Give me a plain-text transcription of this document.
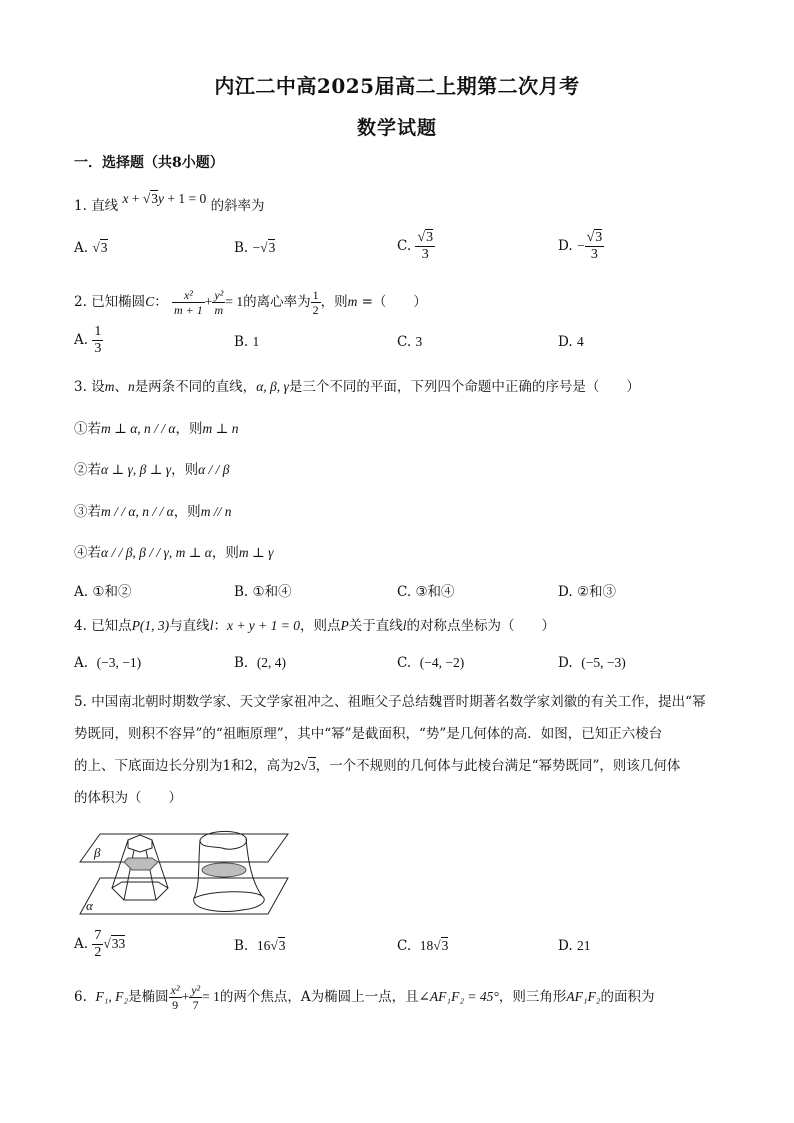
内江二中高2025届高二上期第二次月考
数学试题
一．选择题（共8小题）
1. 直线 x + √3y + 1 = 0 的斜率为
A. √3	B. −√3	C. $\frac{√3}{3}$	D. − $\frac{√3}{3}$
2. 已知椭圆C： $\frac{\text{x²}}{m + 1} + \frac{\text{y²}}{m} = 1$的离心率为 $\frac{1}{2}$ ，则m =（　　）
A. $\frac{1}{3}$	B. 1	C. 3	D. 4
3. 设m、n是两条不同的直线，α, β, γ是三个不同的平面，下列四个命题中正确的序号是（　　）
①若m ⊥ α, n / / α，则m ⊥ n
②若α ⊥ γ, β ⊥ γ，则α / / β
③若m / / α, n / / α，则m // n
④若α / / β, β / / γ, m ⊥ α，则m ⊥ γ
A. ①和②	B. ①和④	C. ③和④	D. ②和③
4. 已知点P(1, 3)与直线l：x + y + 1 = 0，则点P关于直线l的对称点坐标为（　　）
A. (−3, −1)	B. (2, 4)	C. (−4, −2)	D. (−5, −3)
5. 中国南北朝时期数学家、天文学家祖冲之、祖暅父子总结魏晋时期著名数学家刘徽的有关工作，提出“幂
势既同，则积不容异”的“祖暅原理”，其中“幂”是截面积，“势”是几何体的高．如图，已知正六棱台
的上、下底面边长分别为1和2，高为2√3，一个不规则的几何体与此棱台满足“幂势既同”，则该几何体
的体积为（　　）
β
α
A. $\frac{7}{2} √33$	B. 16√3	C. 18√3	D. 21
6. F₁, F₂是椭圆 $\frac{\text{x²}}{9} + \frac{\text{y²}}{7} = 1$的两个焦点，A为椭圆上一点，且∠AF₁F₂ = 45°，则三角形AF₁F₂的面积为
